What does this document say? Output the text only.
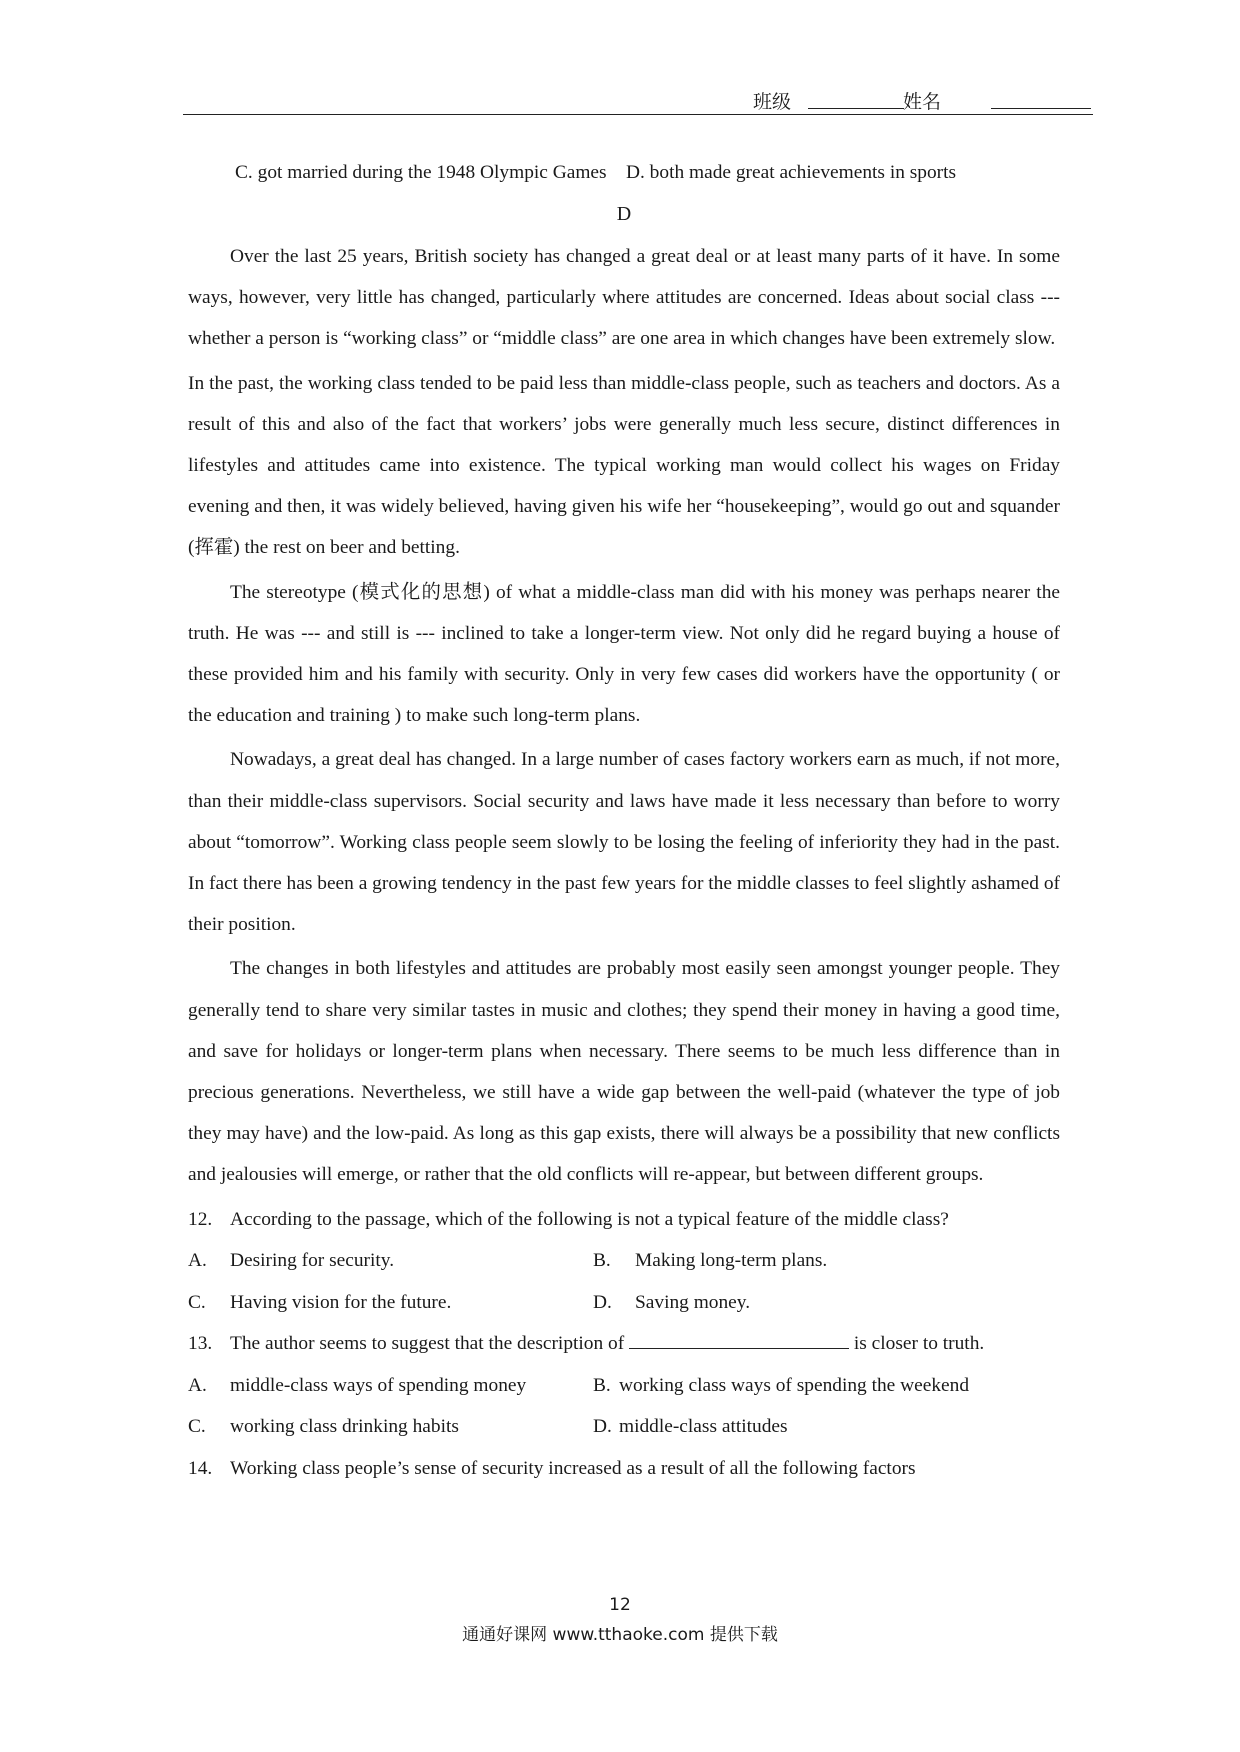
班级	姓名

C. got married during the 1948 Olympic Games D. both made great achievements in sports

D

Over the last 25 years, British society has changed a great deal or at least many parts of it have. In some ways, however, very little has changed, particularly where attitudes are concerned. Ideas about social class --- whether a person is “working class” or “middle class” are one area in which changes have been extremely slow.

In the past, the working class tended to be paid less than middle-class people, such as teachers and doctors. As a result of this and also of the fact that workers’ jobs were generally much less secure, distinct differences in lifestyles and attitudes came into existence. The typical working man would collect his wages on Friday evening and then, it was widely believed, having given his wife her “housekeeping”, would go out and squander (挥霍) the rest on beer and betting.

The stereotype (模式化的思想) of what a middle-class man did with his money was perhaps nearer the truth. He was --- and still is --- inclined to take a longer-term view. Not only did he regard buying a house of these provided him and his family with security. Only in very few cases did workers have the opportunity ( or the education and training ) to make such long-term plans.

Nowadays, a great deal has changed. In a large number of cases factory workers earn as much, if not more, than their middle-class supervisors. Social security and laws have made it less necessary than before to worry about “tomorrow”. Working class people seem slowly to be losing the feeling of inferiority they had in the past. In fact there has been a growing tendency in the past few years for the middle classes to feel slightly ashamed of their position.

The changes in both lifestyles and attitudes are probably most easily seen amongst younger people. They generally tend to share very similar tastes in music and clothes; they spend their money in having a good time, and save for holidays or longer-term plans when necessary. There seems to be much less difference than in precious generations. Nevertheless, we still have a wide gap between the well-paid (whatever the type of job they may have) and the low-paid. As long as this gap exists, there will always be a possibility that new conflicts and jealousies will emerge, or rather that the old conflicts will re-appear, but between different groups.

12. According to the passage, which of the following is not a typical feature of the middle class?
A.	Desiring for security.	B.	Making long-term plans.
C.	Having vision for the future.	D.	Saving money.
13. The author seems to suggest that the description of	is closer to truth.
A.	middle-class ways of spending money	B. working class ways of spending the weekend
C.	working class drinking habits	D. middle-class attitudes
14. Working class people’s sense of security increased as a result of all the following factors
12
通通好课网 www.tthaoke.com 提供下载
